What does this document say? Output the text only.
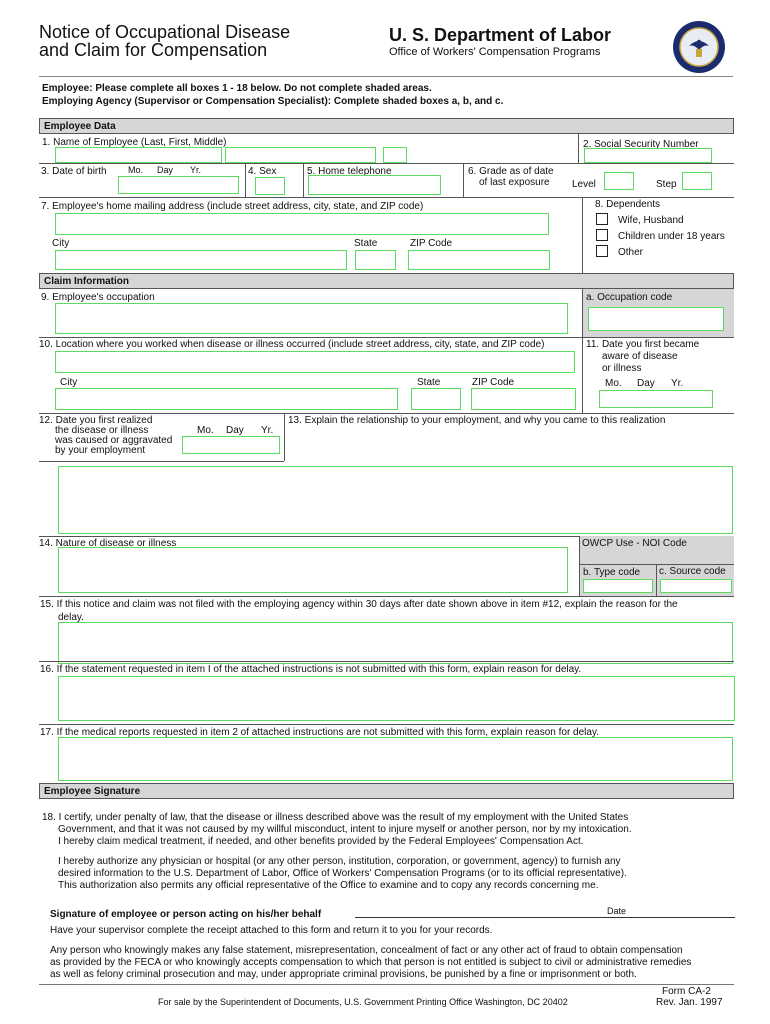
Notice of Occupational Disease
and Claim for Compensation
U. S. Department of Labor
Office of Workers' Compensation Programs
Employee: Please complete all boxes 1 - 18 below. Do not complete shaded areas.
Employing Agency (Supervisor or Compensation Specialist): Complete shaded boxes a, b, and c.
Employee Data
1. Name of Employee (Last, First, Middle)	2. Social Security Number
3. Date of birth Mo. Day Yr.	4. Sex	5. Home telephone	6. Grade as of date
of last exposure Level	Step
7. Employee's home mailing address (include street address, city, state, and ZIP code)
City	State	ZIP Code
8. Dependents
Wife, Husband
Children under 18 years
Other
Claim Information
9. Employee's occupation	a. Occupation code
10. Location where you worked when disease or illness occurred (include street address, city, state, and ZIP code)
City	State	ZIP Code
11. Date you first became
aware of disease
or illness
Mo. Day Yr.
12. Date you first realized
the disease or illness
was caused or aggravated
by your employment
Mo. Day Yr.
13. Explain the relationship to your employment, and why you came to this realization
14. Nature of disease or illness	OWCP Use - NOI Code
b. Type code c. Source code
15. If this notice and claim was not filed with the employing agency within 30 days after date shown above in item #12, explain the reason for the
delay.
16. If the statement requested in item I of the attached instructions is not submitted with this form, explain reason for delay.
17. If the medical reports requested in item 2 of attached instructions are not submitted with this form, explain reason for delay.
Employee Signature
18. I certify, under penalty of law, that the disease or illness described above was the result of my employment with the United States
Government, and that it was not caused by my willful misconduct, intent to injure myself or another person, nor by my intoxication.
I hereby claim medical treatment, if needed, and other benefits provided by the Federal Employees' Compensation Act.
I hereby authorize any physician or hospital (or any other person, institution, corporation, or government, agency) to furnish any
desired information to the U.S. Department of Labor, Office of Workers' Compensation Programs (or to its official representative).
This authorization also permits any official representative of the Office to examine and to copy any records concerning me.
Signature of employee or person acting on his/her behalf	Date
Have your supervisor complete the receipt attached to this form and return it to you for your records.
Any person who knowingly makes any false statement, misrepresentation, concealment of fact or any other act of fraud to obtain compensation
as provided by the FECA or who knowingly accepts compensation to which that person is not entitled is subject to civil or administrative remedies
as well as felony criminal prosecution and may, under appropriate criminal provisions, be punished by a fine or imprisonment or both.
For sale by the Superintendent of Documents, U.S. Government Printing Office Washington, DC 20402
Form CA-2
Rev. Jan. 1997
